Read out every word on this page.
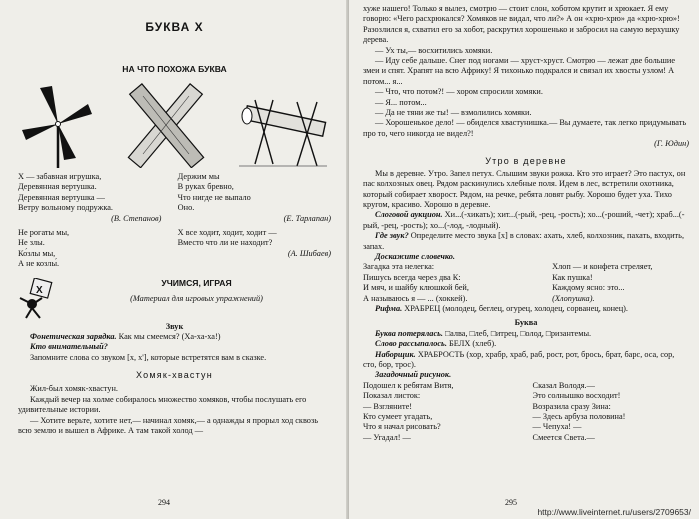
БУКВА Х

НА ЧТО ПОХОЖА БУКВА

Х — забавная игрушка,

Деревянная вертушка.

Деревянная вертушка —

Ветру вольному подружка.

(В. Степанов)

Держим мы

В руках бревно,

Что нигде не выпало

Оно.

(Е. Тарлапан)

Не рогаты мы,

Не злы.

Ко́злы мы,

А не козлы́.

Х все ходит, ходит, ходит —

Вместо что ли не находит?

(А. Шибаев)

Х

УЧИМСЯ, ИГРАЯ

(Материал для игровых упражнений)

Звук

Фонетическая зарядка. Как мы смеемся? (Ха-ха-ха!)

Кто внимательный?

Запомните слова со звуком [х, х'], которые встретятся вам в сказке.

Хомяк-хвастун

Жил-был хомяк-хвастун.

Каждый вечер на холме собиралось множество хомяков, чтобы послушать его удивительные истории.

— Хотите верьте, хотите нет,— начинал хомяк,— а однажды я прорыл ход сквозь всю землю и вышел в Африке. А там такой холод —

294

хуже нашего! Только я вылез, смотрю — стоит слон, хоботом крутит и хрюкает. Я ему говорю: «Чего расхрюкался? Хомяков не видал, что ли?» А он «хрю-хрю» да «хрю-хрю»! Разозлился я, схватил его за хобот, раскрутил хорошенько и забросил на самую верхушку дерева.

— Ух ты,— восхитились хомяки.

— Иду себе дальше. Снег под ногами — хруст-хруст. Смотрю — лежат две большие змеи и спят. Храпят на всю Африку! Я тихонько подкрался и связал их хвосты узлом! А потом... я...

— Что, что потом?! — хором спросили хомяки.

— Я... потом...

— Да не тяни же ты! — взмолились хомяки.

— Хорошенькое дело! — обиделся хвастунишка.— Вы думаете, так легко придумывать про то, чего никогда не видел?!

(Г. Юдин)

Утро в деревне

Мы в деревне. Утро. Запел петух. Слышим звуки рожка. Кто это играет? Это пастух, он пас колхозных овец. Рядом раскинулись хлебные поля. Идем в лес, встретили охотника, который собирает хворост. Рядом, на речке, ребята ловят рыбу. Хорошо будет уха. Тихо кругом, красиво. Хорошо в деревне.

Слоговой аукцион. Хи...(-хикать); хит...(-рый, -рец, -рость); хо...(-роший, -чет); храб...(-рый, -рец, -рость); хо...(-лод, -лодный).

Где звук? Определите место звука [х] в словах: ахать, хлеб, колхозник, пахать, входить, запах.

Доскажите словечко.

Загадка эта нелегка:

Пишусь всегда через два К:

И мяч, и шайбу клюшкой бей,

А называюсь я — ... (хоккей).

Хлоп — и конфета стреляет,

Как пушка!

Каждому ясно: это...

(Хлопушка).

Рифма. ХРАБРЕЦ (молодец, беглец, огурец, холодец, сорванец, конец).

Буква

Буква потерялась. □алва, □леб, □итрец, □олод, □ризантемы.

Слово рассыпалось. БЕЛХ (хлеб).

Наборщик. ХРАБРОСТЬ (хор, храбр, храб, раб, рост, рот, брось, брат, барс, оса, сор, сто, бор, трос).

Загадочный рисунок.

Подошел к ребятам Витя,

Показал листок:

— Взгляните!

Кто сумеет угадать,

Что я начал рисовать?

— Угадал! —

Сказал Володя.—

Это солнышко восходит!

Возразила сразу Зина:

— Здесь арбуза половина!

— Чепуха! —

Смеется Света.—

295
http://www.liveinternet.ru/users/2709653/
